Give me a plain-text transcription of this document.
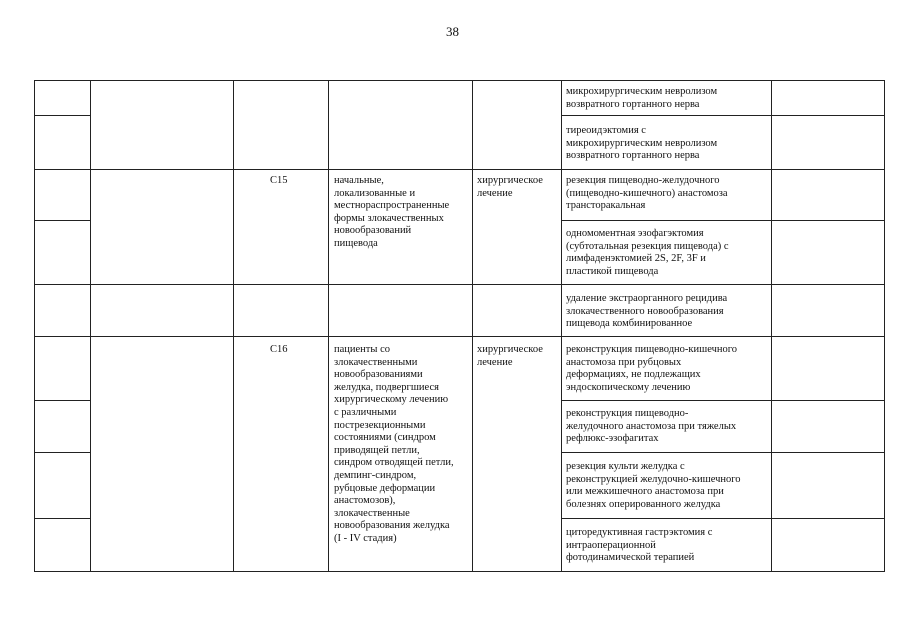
38
микрохирургическим невролизом
возвратного гортанного нерва
тиреоидэктомия с
микрохирургическим невролизом
возвратного гортанного нерва
C15	начальные,
локализованные и
местнораспространенные
формы злокачественных
новообразований
пищевода
хирургическое
лечение
резекция пищеводно-желудочного
(пищеводно-кишечного) анастомоза
трансторакальная
одномоментная эзофагэктомия
(субтотальная резекция пищевода) с
лимфаденэктомией 2S, 2F, 3F и
пластикой пищевода
удаление экстраорганного рецидива
злокачественного новообразования
пищевода комбинированное
C16	пациенты со
злокачественными
новообразованиями
желудка, подвергшиеся
хирургическому лечению
с различными
пострезекционными
состояниями (синдром
приводящей петли,
синдром отводящей петли,
демпинг-синдром,
рубцовые деформации
анастомозов),
злокачественные
новообразования желудка
(I - IV стадия)
хирургическое
лечение
реконструкция пищеводно-кишечного
анастомоза при рубцовых
деформациях, не подлежащих
эндоскопическому лечению
реконструкция пищеводно-
желудочного анастомоза при тяжелых
рефлюкс-эзофагитах
резекция культи желудка с
реконструкцией желудочно-кишечного
или межкишечного анастомоза при
болезнях оперированного желудка
циторедуктивная гастрэктомия с
интраоперационной
фотодинамической терапией
